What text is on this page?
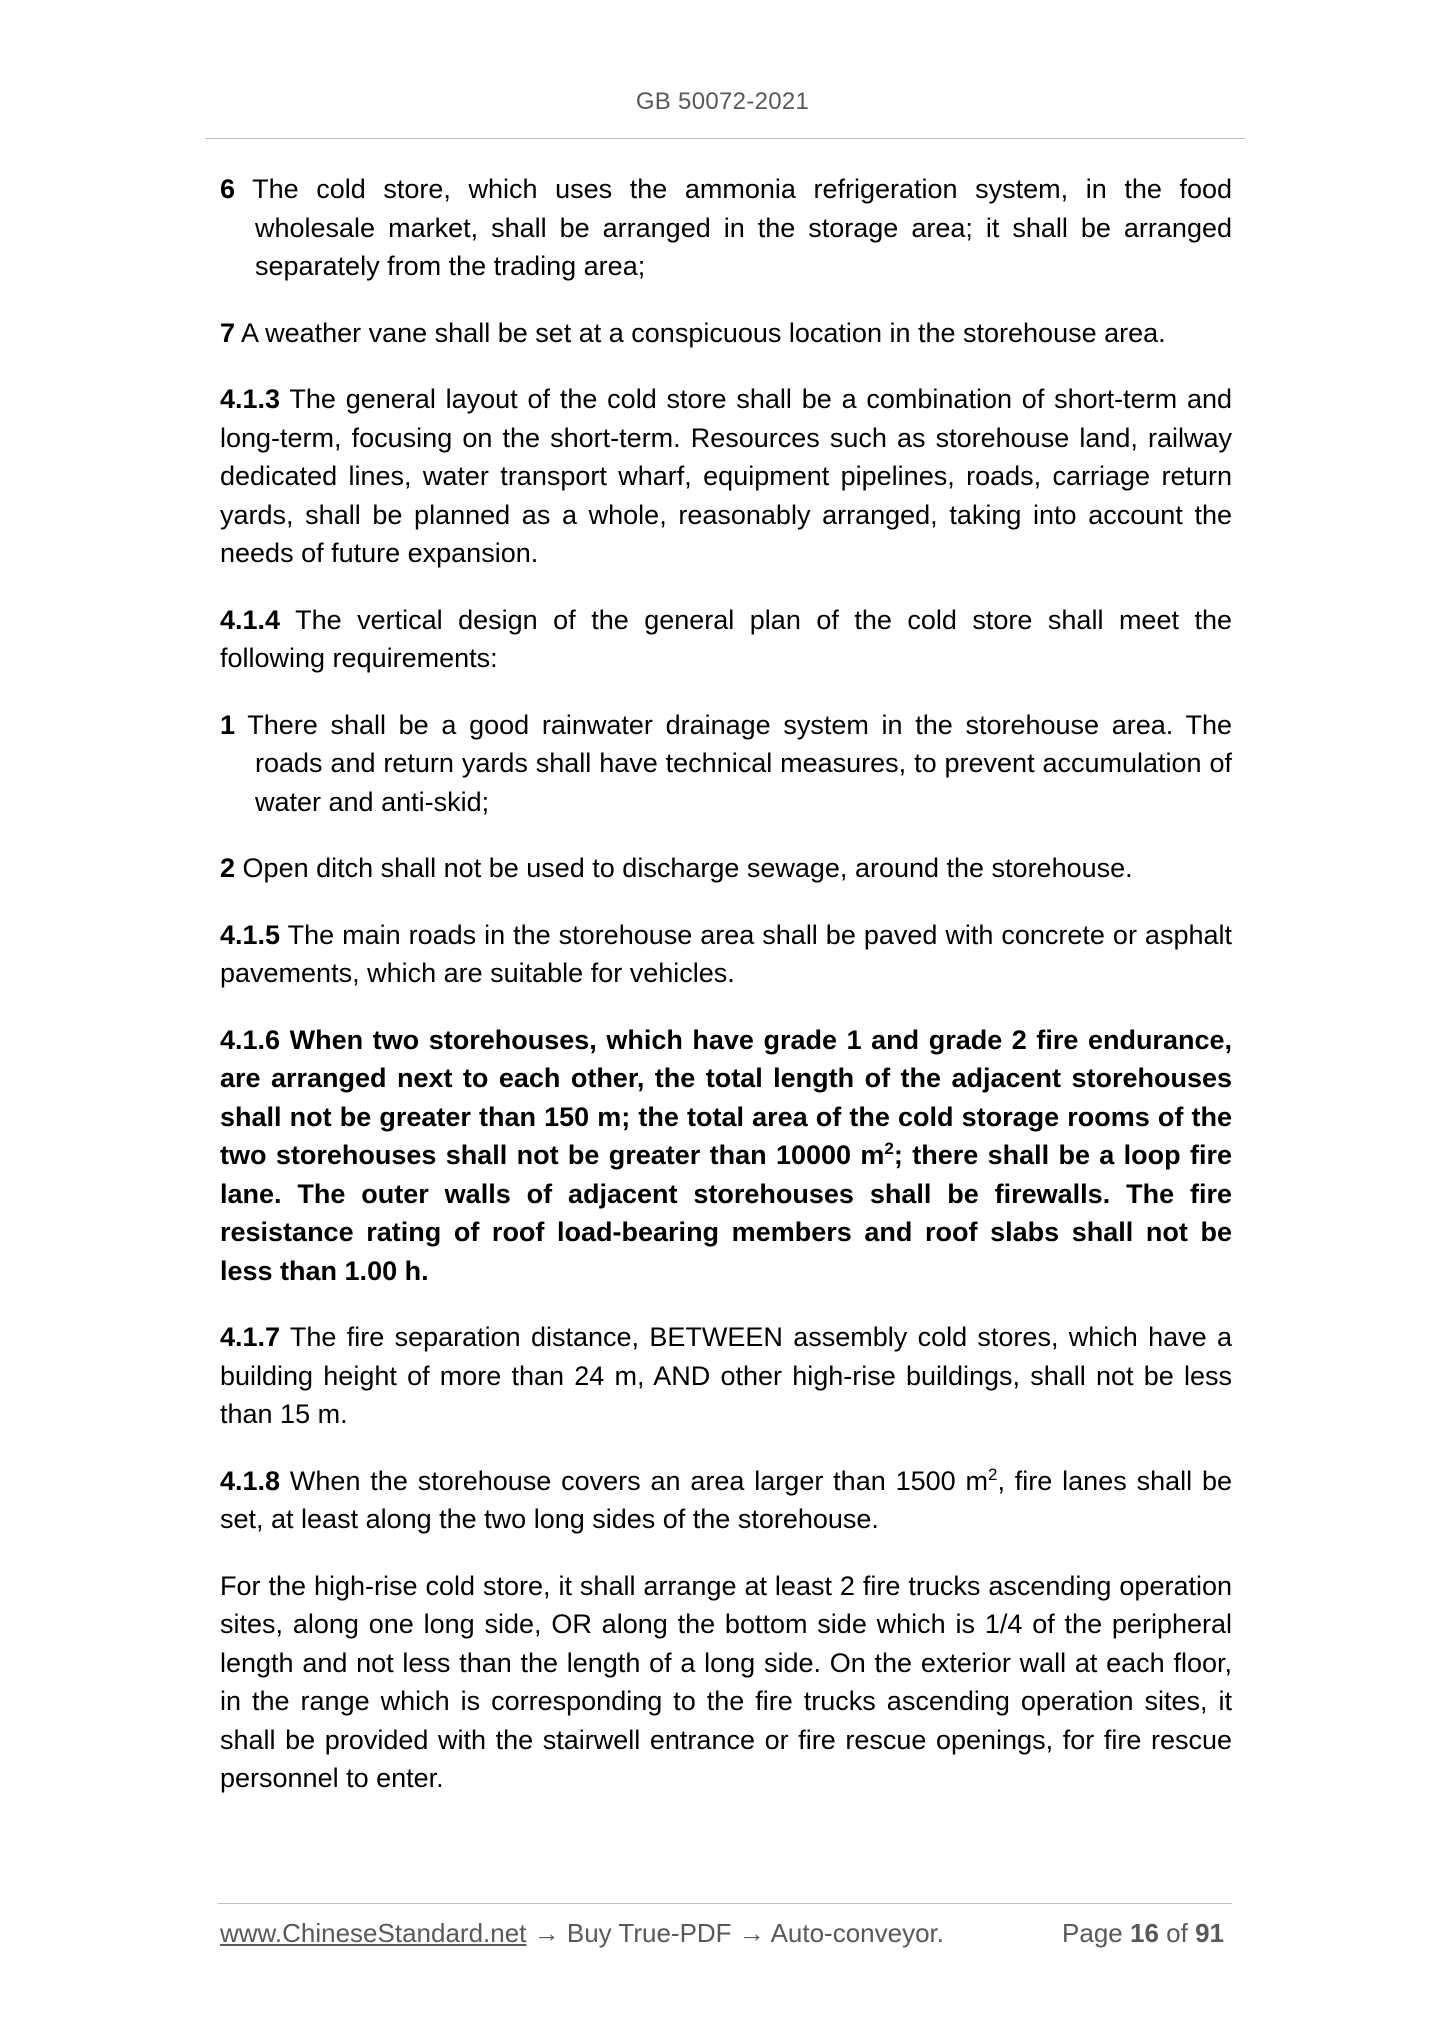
GB 50072-2021

6 The cold store, which uses the ammonia refrigeration system, in the food wholesale market, shall be arranged in the storage area; it shall be arranged separately from the trading area;

7 A weather vane shall be set at a conspicuous location in the storehouse area.

4.1.3 The general layout of the cold store shall be a combination of short-term and long-term, focusing on the short-term. Resources such as storehouse land, railway dedicated lines, water transport wharf, equipment pipelines, roads, carriage return yards, shall be planned as a whole, reasonably arranged, taking into account the needs of future expansion.

4.1.4 The vertical design of the general plan of the cold store shall meet the following requirements:

1 There shall be a good rainwater drainage system in the storehouse area. The roads and return yards shall have technical measures, to prevent accumulation of water and anti-skid;

2 Open ditch shall not be used to discharge sewage, around the storehouse.

4.1.5 The main roads in the storehouse area shall be paved with concrete or asphalt pavements, which are suitable for vehicles.

4.1.6 When two storehouses, which have grade 1 and grade 2 fire endurance, are arranged next to each other, the total length of the adjacent storehouses shall not be greater than 150 m; the total area of the cold storage rooms of the two storehouses shall not be greater than 10000 $m^2$; there shall be a loop fire lane. The outer walls of adjacent storehouses shall be firewalls. The fire resistance rating of roof load-bearing members and roof slabs shall not be less than 1.00 h.

4.1.7 The fire separation distance, BETWEEN assembly cold stores, which have a building height of more than 24 m, AND other high-rise buildings, shall not be less than 15 m.

4.1.8 When the storehouse covers an area larger than 1500 $m^2$, fire lanes shall be set, at least along the two long sides of the storehouse.

For the high-rise cold store, it shall arrange at least 2 fire trucks ascending operation sites, along one long side, OR along the bottom side which is 1/4 of the peripheral length and not less than the length of a long side. On the exterior wall at each floor, in the range which is corresponding to the fire trucks ascending operation sites, it shall be provided with the stairwell entrance or fire rescue openings, for fire rescue personnel to enter.

www.ChineseStandard.net → Buy True-PDF → Auto-conveyor.	Page 16 of 91
